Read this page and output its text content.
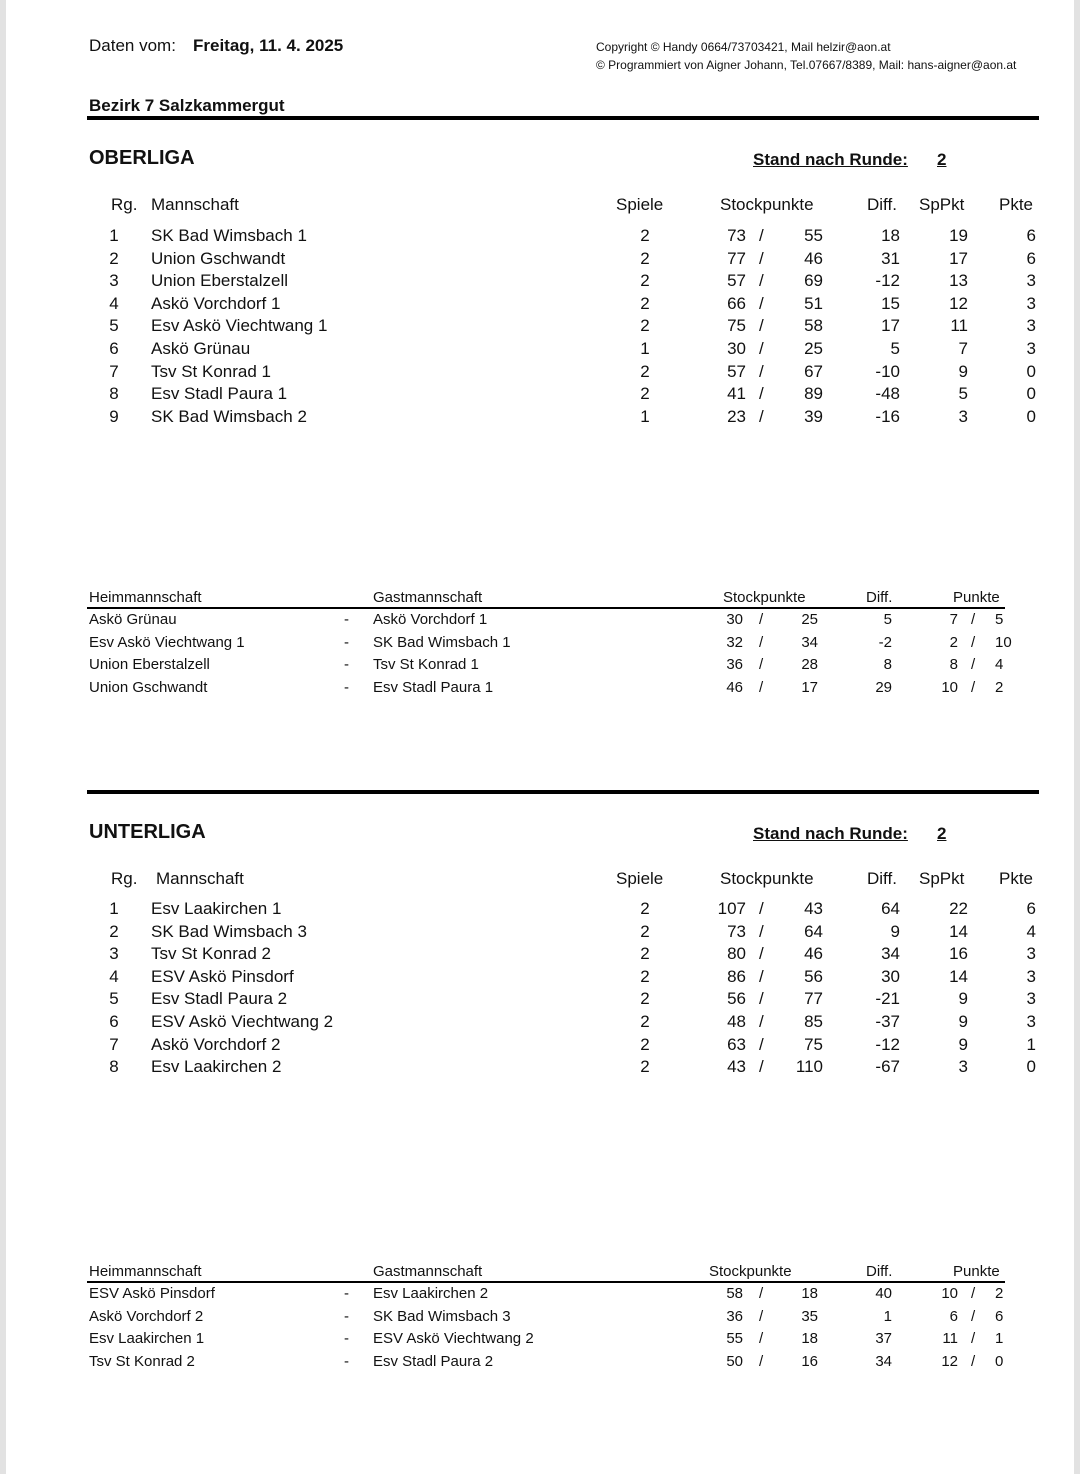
Daten vom: Freitag, 11. 4. 2025	Copyright © Handy 0664/73703421, Mail helzir@aon.at
© Programmiert von Aigner Johann, Tel.07667/8389, Mail: hans-aigner@aon.at
Bezirk 7 Salzkammergut
OBERLIGA	Stand nach Runde: 2
Rg. Mannschaft	Spiele	Stockpunkte	Diff. SpPkt Pkte
1	SK Bad Wimsbach 1	2	73 /	55	18	19	6
2	Union Gschwandt	2	77 /	46	31	17	6
3	Union Eberstalzell	2	57 /	69	-12	13	3
4	Askö Vorchdorf 1	2	66 /	51	15	12	3
5	Esv Askö Viechtwang 1	2	75 /	58	17	11	3
6	Askö Grünau	1	30 /	25	5	7	3
7	Tsv St Konrad 1	2	57 /	67	-10	9	0
8	Esv Stadl Paura 1	2	41 /	89	-48	5	0
9	SK Bad Wimsbach 2	1	23 /	39	-16	3	0
Heimmannschaft	Gastmannschaft	Stockpunkte	Diff.	Punkte
Askö Grünau	- Askö Vorchdorf 1	30 /	25	5	7 / 5
Esv Askö Viechtwang 1	- SK Bad Wimsbach 1	32 /	34	-2	2 / 10
Union Eberstalzell	- Tsv St Konrad 1	36 /	28	8	8 / 4
Union Gschwandt	- Esv Stadl Paura 1	46 /	17	29	10 / 2
UNTERLIGA	Stand nach Runde: 2
Rg. Mannschaft	Spiele	Stockpunkte	Diff. SpPkt Pkte
1	Esv Laakirchen 1	2	107 /	43	64	22	6
2	SK Bad Wimsbach 3	2	73 /	64	9	14	4
3	Tsv St Konrad 2	2	80 /	46	34	16	3
4	ESV Askö Pinsdorf	2	86 /	56	30	14	3
5	Esv Stadl Paura 2	2	56 /	77	-21	9	3
6	ESV Askö Viechtwang 2	2	48 /	85	-37	9	3
7	Askö Vorchdorf 2	2	63 /	75	-12	9	1
8	Esv Laakirchen 2	2	43 /	110	-67	3	0
Heimmannschaft	Gastmannschaft	Stockpunkte	Diff.	Punkte
ESV Askö Pinsdorf	- Esv Laakirchen 2	58 /	18	40	10 / 2
Askö Vorchdorf 2	- SK Bad Wimsbach 3	36 /	35	1	6 / 6
Esv Laakirchen 1	- ESV Askö Viechtwang 2	55 /	18	37	11 / 1
Tsv St Konrad 2	- Esv Stadl Paura 2	50 /	16	34	12 / 0
